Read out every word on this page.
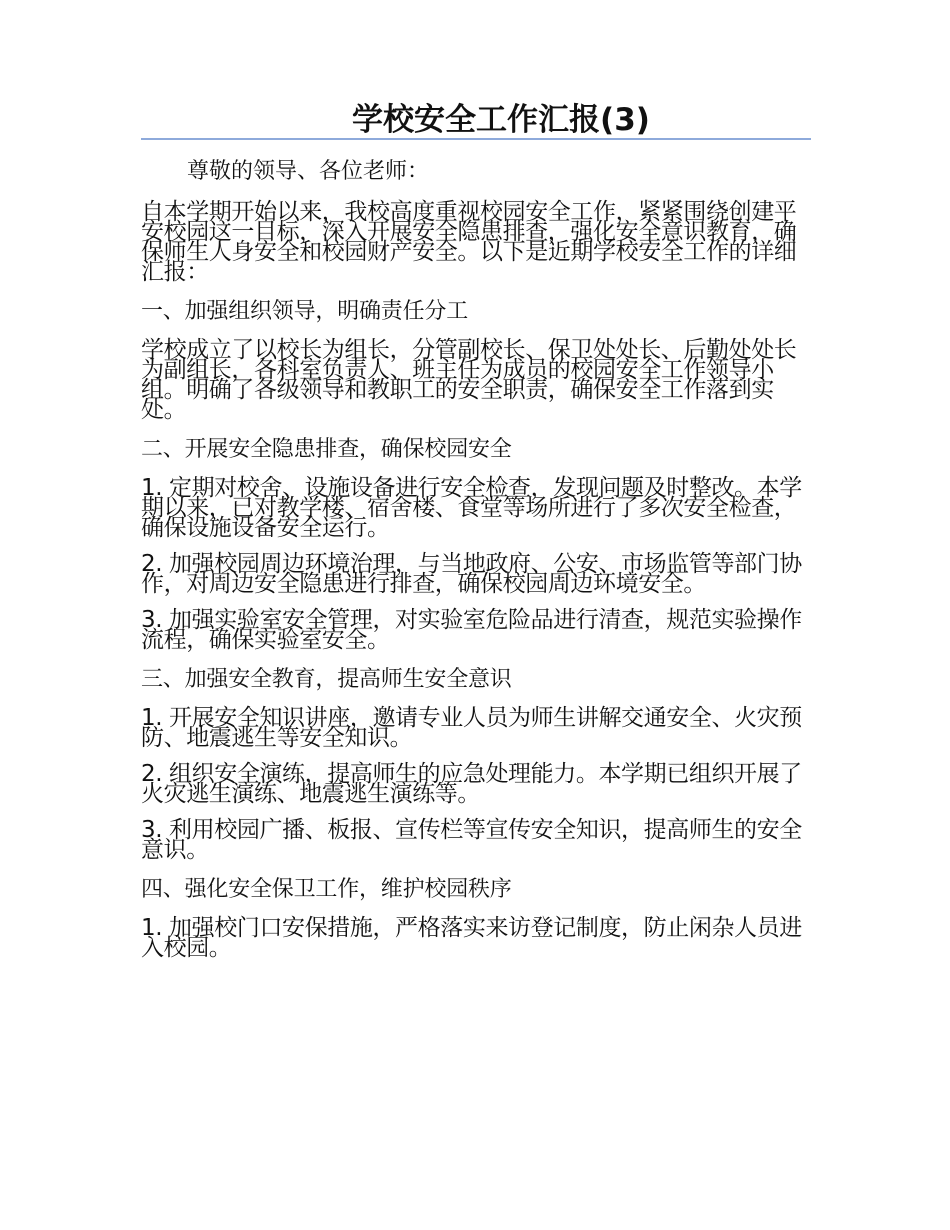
学校安全工作汇报(3)

尊敬的领导、各位老师：

自本学期开始以来，我校高度重视校园安全工作，紧紧围绕创建平安校园这一目标，深入开展安全隐患排查，强化安全意识教育，确保师生人身安全和校园财产安全。以下是近期学校安全工作的详细汇报：

一、加强组织领导，明确责任分工

学校成立了以校长为组长，分管副校长、保卫处处长、后勤处处长为副组长，各科室负责人、班主任为成员的校园安全工作领导小组。明确了各级领导和教职工的安全职责，确保安全工作落到实处。

二、开展安全隐患排查，确保校园安全

1. 定期对校舍、设施设备进行安全检查，发现问题及时整改。本学期以来，已对教学楼、宿舍楼、食堂等场所进行了多次安全检查，确保设施设备安全运行。

2. 加强校园周边环境治理，与当地政府、公安、市场监管等部门协作，对周边安全隐患进行排查，确保校园周边环境安全。

3. 加强实验室安全管理，对实验室危险品进行清查，规范实验操作流程，确保实验室安全。

三、加强安全教育，提高师生安全意识

1. 开展安全知识讲座，邀请专业人员为师生讲解交通安全、火灾预防、地震逃生等安全知识。

2. 组织安全演练，提高师生的应急处理能力。本学期已组织开展了火灾逃生演练、地震逃生演练等。

3. 利用校园广播、板报、宣传栏等宣传安全知识，提高师生的安全意识。

四、强化安全保卫工作，维护校园秩序

1. 加强校门口安保措施，严格落实来访登记制度，防止闲杂人员进入校园。
